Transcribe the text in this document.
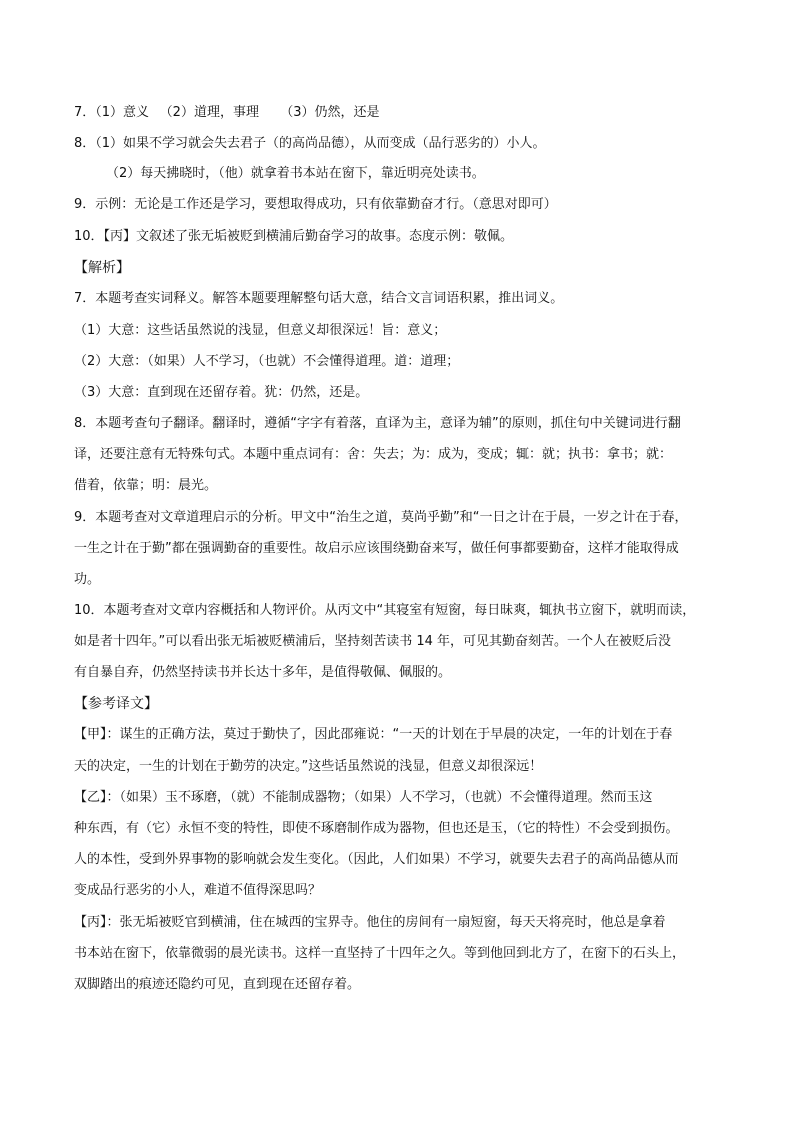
7．（1）意义 　（2）道理，事理 　 （3）仍然，还是
8．（1）如果不学习就会失去君子（的高尚品德），从而变成（品行恶劣的）小人。
（2）每天拂晓时，（他）就拿着书本站在窗下，靠近明亮处读书。
9．示例：无论是工作还是学习，要想取得成功，只有依靠勤奋才行。（意思对即可）
10．【丙】文叙述了张无垢被贬到横浦后勤奋学习的故事。态度示例：敬佩。
【解析】
7．本题考查实词释义。解答本题要理解整句话大意，结合文言词语积累，推出词义。
（1）大意：这些话虽然说的浅显，但意义却很深远！旨：意义；
（2）大意：（如果）人不学习，（也就）不会懂得道理。道：道理；
（3）大意：直到现在还留存着。犹：仍然，还是。
8．本题考查句子翻译。翻译时，遵循“字字有着落，直译为主，意译为辅”的原则，抓住句中关键词进行翻
译，还要注意有无特殊句式。本题中重点词有：舍：失去；为：成为，变成；辄：就；执书：拿书；就：
借着，依靠；明：晨光。
9．本题考查对文章道理启示的分析。甲文中“治生之道，莫尚乎勤”和“一日之计在于晨，一岁之计在于春，
一生之计在于勤”都在强调勤奋的重要性。故启示应该围绕勤奋来写，做任何事都要勤奋，这样才能取得成
功。
10．本题考查对文章内容概括和人物评价。从丙文中“其寝室有短窗，每日昧爽，辄执书立窗下，就明而读，
如是者十四年。”可以看出张无垢被贬横浦后，坚持刻苦读书 14 年，可见其勤奋刻苦。一个人在被贬后没
有自暴自弃，仍然坚持读书并长达十多年，是值得敬佩、佩服的。
【参考译文】
【甲】：谋生的正确方法，莫过于勤快了，因此邵雍说：“一天的计划在于早晨的决定，一年的计划在于春
天的决定，一生的计划在于勤劳的决定。”这些话虽然说的浅显，但意义却很深远！
【乙】：（如果）玉不琢磨，（就）不能制成器物；（如果）人不学习，（也就）不会懂得道理。然而玉这
种东西，有（它）永恒不变的特性，即使不琢磨制作成为器物，但也还是玉，（它的特性）不会受到损伤。
人的本性，受到外界事物的影响就会发生变化。（因此，人们如果）不学习，就要失去君子的高尚品德从而
变成品行恶劣的小人，难道不值得深思吗？
【丙】：张无垢被贬官到横浦，住在城西的宝界寺。他住的房间有一扇短窗，每天天将亮时，他总是拿着
书本站在窗下，依靠微弱的晨光读书。这样一直坚持了十四年之久。等到他回到北方了，在窗下的石头上，
双脚踏出的痕迹还隐约可见，直到现在还留存着。
